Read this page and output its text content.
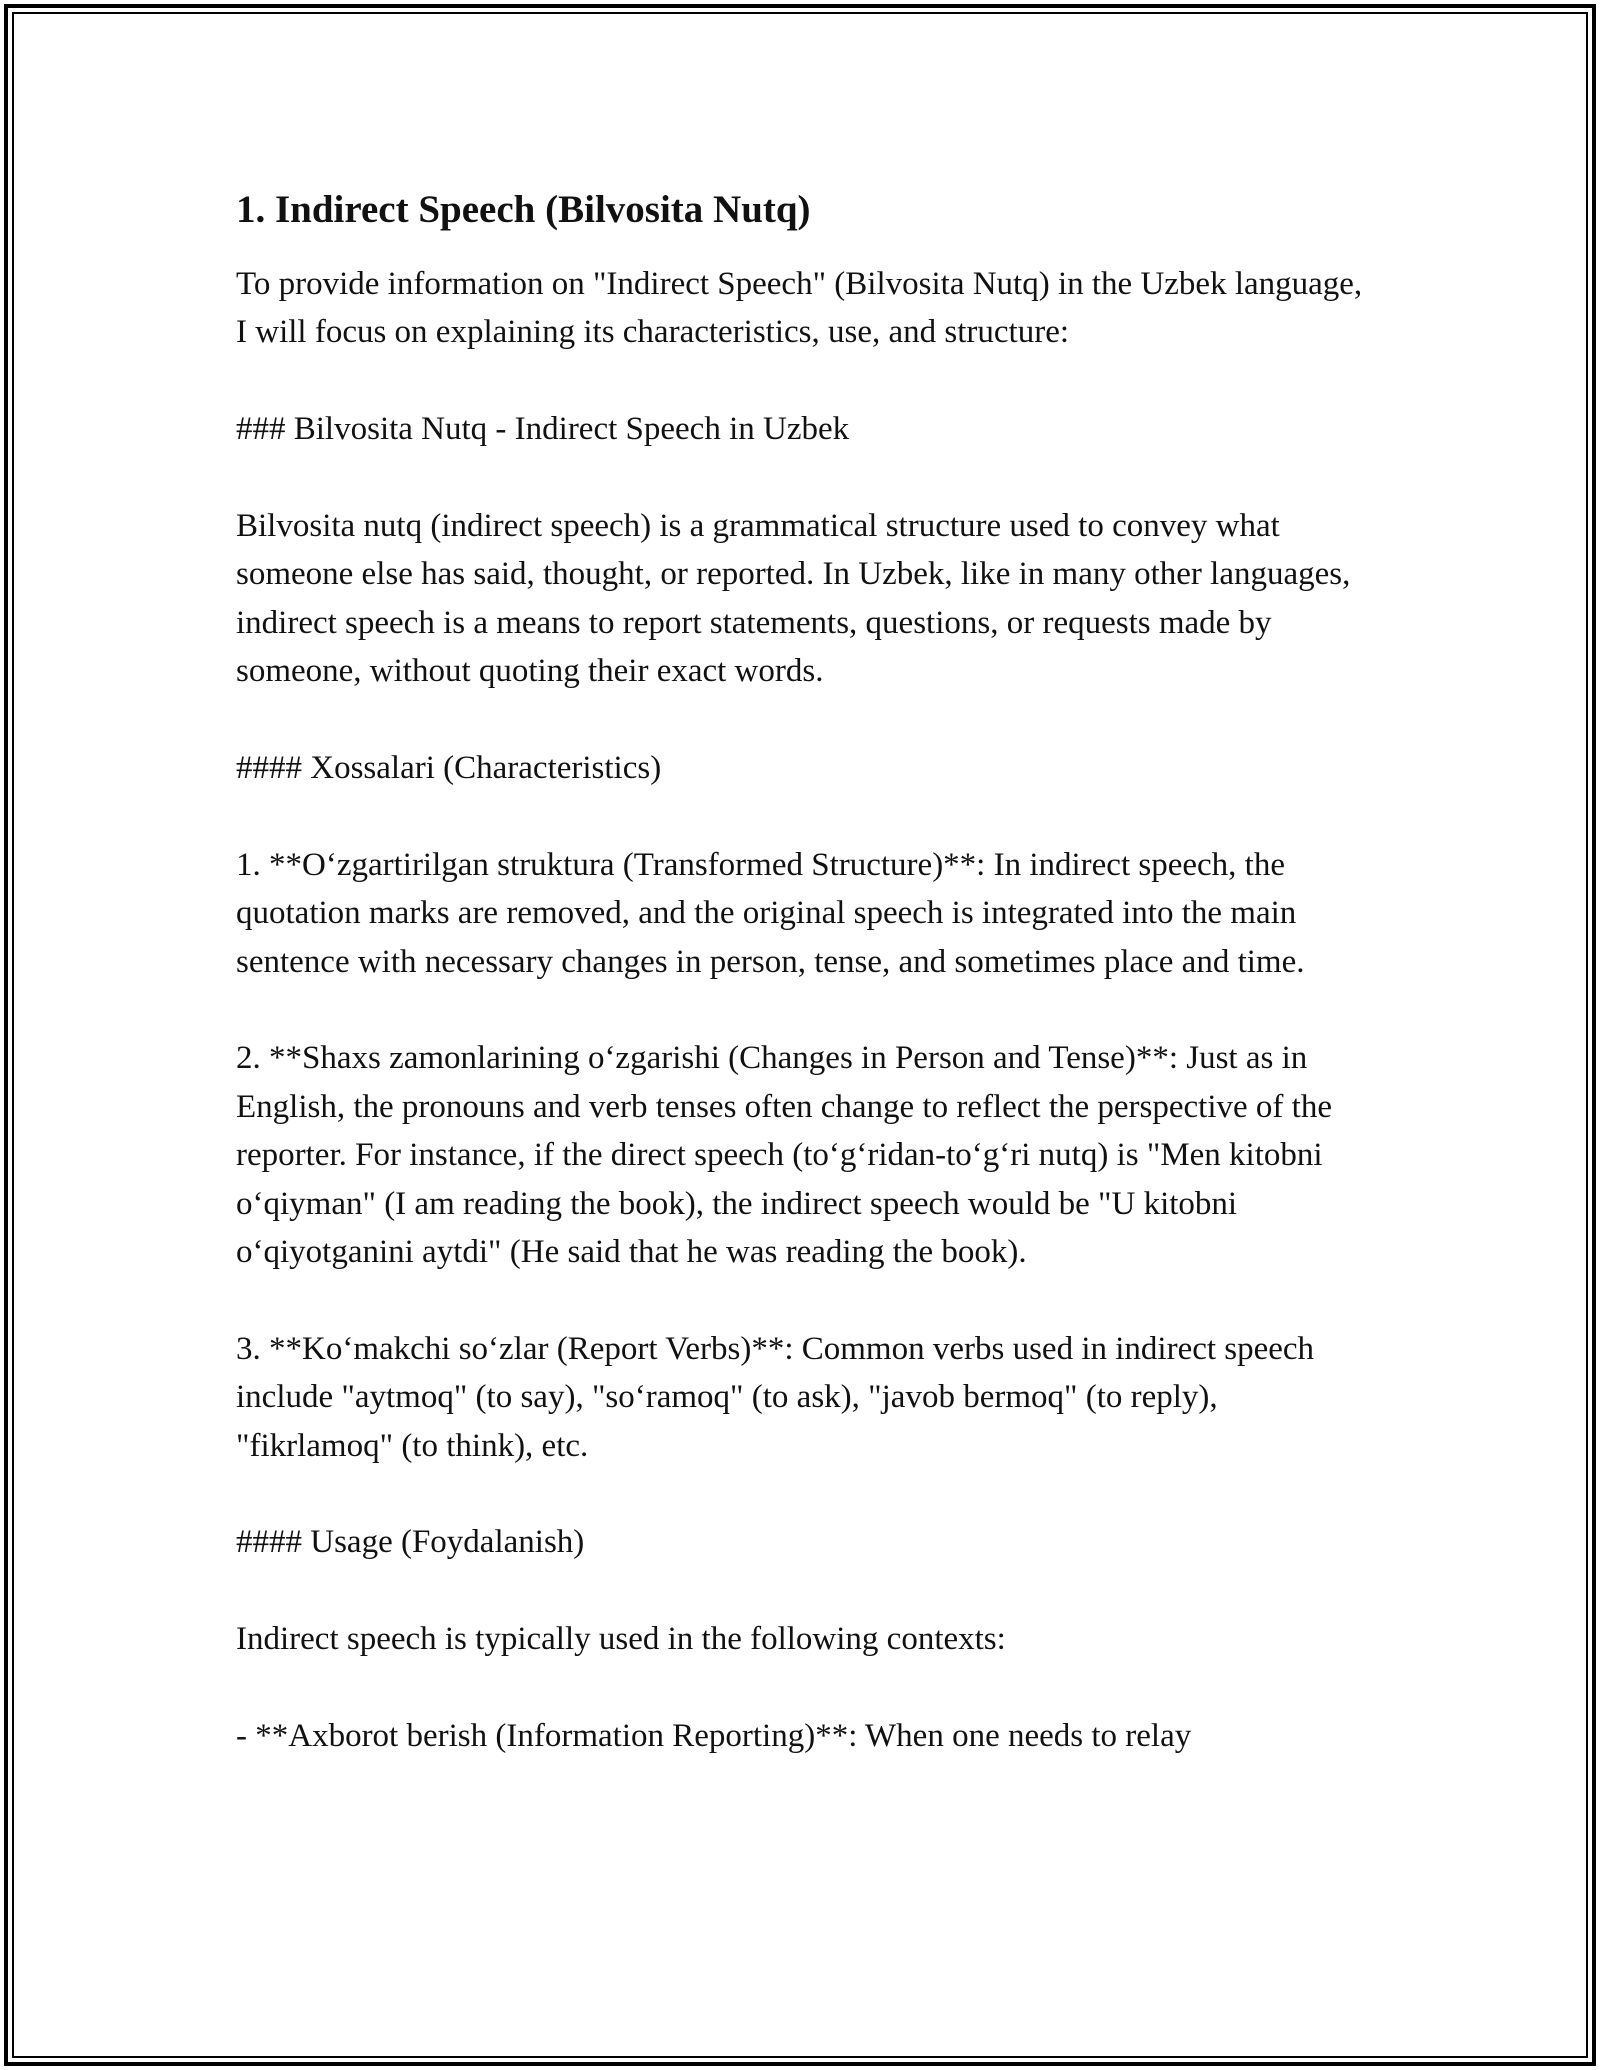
1. Indirect Speech (Bilvosita Nutq)

To provide information on "Indirect Speech" (Bilvosita Nutq) in the Uzbek language, I will focus on explaining its characteristics, use, and structure:

### Bilvosita Nutq - Indirect Speech in Uzbek

Bilvosita nutq (indirect speech) is a grammatical structure used to convey what someone else has said, thought, or reported. In Uzbek, like in many other languages, indirect speech is a means to report statements, questions, or requests made by someone, without quoting their exact words.

#### Xossalari (Characteristics)

1. **Oʻzgartirilgan struktura (Transformed Structure)**: In indirect speech, the quotation marks are removed, and the original speech is integrated into the main sentence with necessary changes in person, tense, and sometimes place and time.

2. **Shaxs zamonlarining oʻzgarishi (Changes in Person and Tense)**: Just as in English, the pronouns and verb tenses often change to reflect the perspective of the reporter. For instance, if the direct speech (toʻgʻridan-toʻgʻri nutq) is "Men kitobni oʻqiyman" (I am reading the book), the indirect speech would be "U kitobni oʻqiyotganini aytdi" (He said that he was reading the book).

3. **Koʻmakchi soʻzlar (Report Verbs)**: Common verbs used in indirect speech include "aytmoq" (to say), "soʻramoq" (to ask), "javob bermoq" (to reply), "fikrlamoq" (to think), etc.

#### Usage (Foydalanish)

Indirect speech is typically used in the following contexts:

- **Axborot berish (Information Reporting)**: When one needs to relay
